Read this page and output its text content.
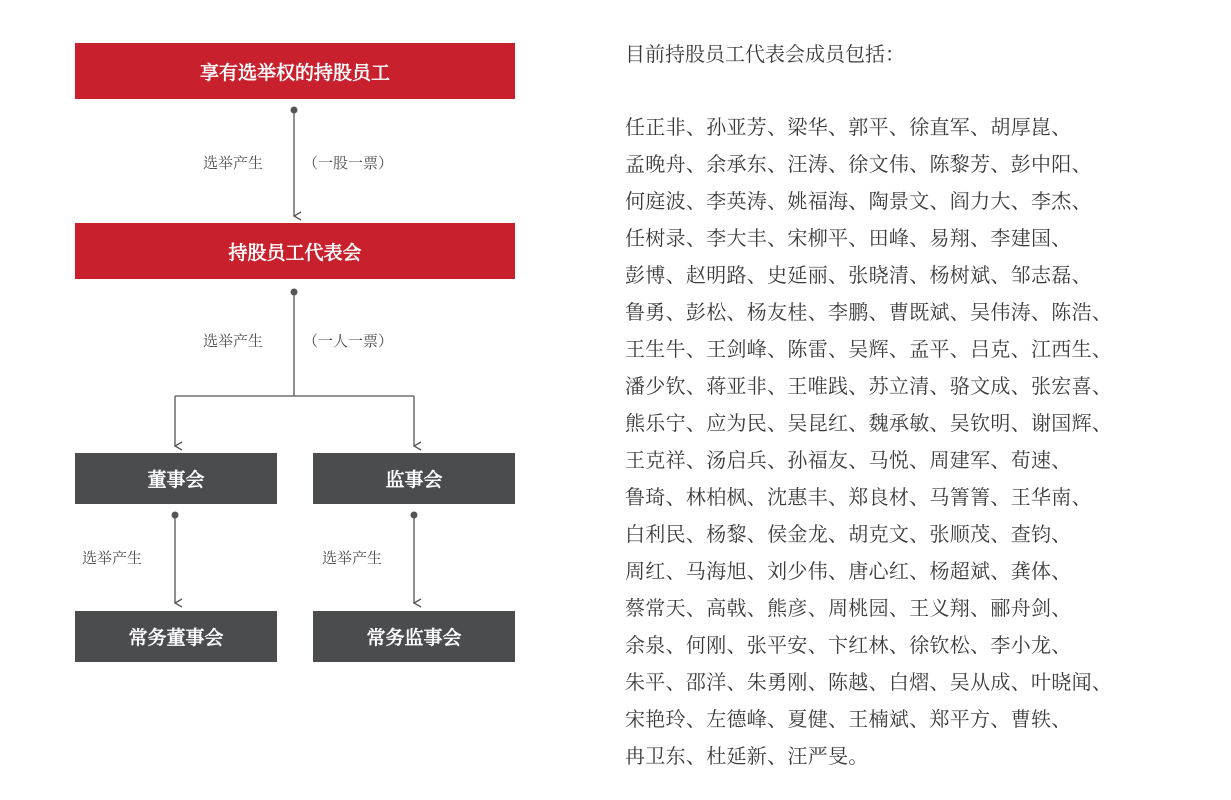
享有选举权的持股员工
选举产生	（一股一票）
持股员工代表会
选举产生	（一人一票）
董事会	监事会
选举产生	选举产生
常务董事会	常务监事会
目前持股员工代表会成员包括：
任正非、孙亚芳、梁华、郭平、徐直军、胡厚崑、
孟晚舟、余承东、汪涛、徐文伟、陈黎芳、彭中阳、
何庭波、李英涛、姚福海、陶景文、阎力大、李杰、
任树录、李大丰、宋柳平、田峰、易翔、李建国、
彭博、赵明路、史延丽、张晓清、杨树斌、邹志磊、
鲁勇、彭松、杨友桂、李鹏、曹既斌、吴伟涛、陈浩、
王生牛、王剑峰、陈雷、吴辉、孟平、吕克、江西生、
潘少钦、蒋亚非、王唯践、苏立清、骆文成、张宏喜、
熊乐宁、应为民、吴昆红、魏承敏、吴钦明、谢国辉、
王克祥、汤启兵、孙福友、马悦、周建军、荀速、
鲁琦、林柏枫、沈惠丰、郑良材、马箐箐、王华南、
白利民、杨黎、侯金龙、胡克文、张顺茂、查钧、
周红、马海旭、刘少伟、唐心红、杨超斌、龚体、
蔡常天、高戟、熊彦、周桃园、王义翔、郦舟剑、
余泉、何刚、张平安、卞红林、徐钦松、李小龙、
朱平、邵洋、朱勇刚、陈越、白熠、吴从成、叶晓闻、
宋艳玲、左德峰、夏健、王楠斌、郑平方、曹轶、
冉卫东、杜延新、汪严旻。
